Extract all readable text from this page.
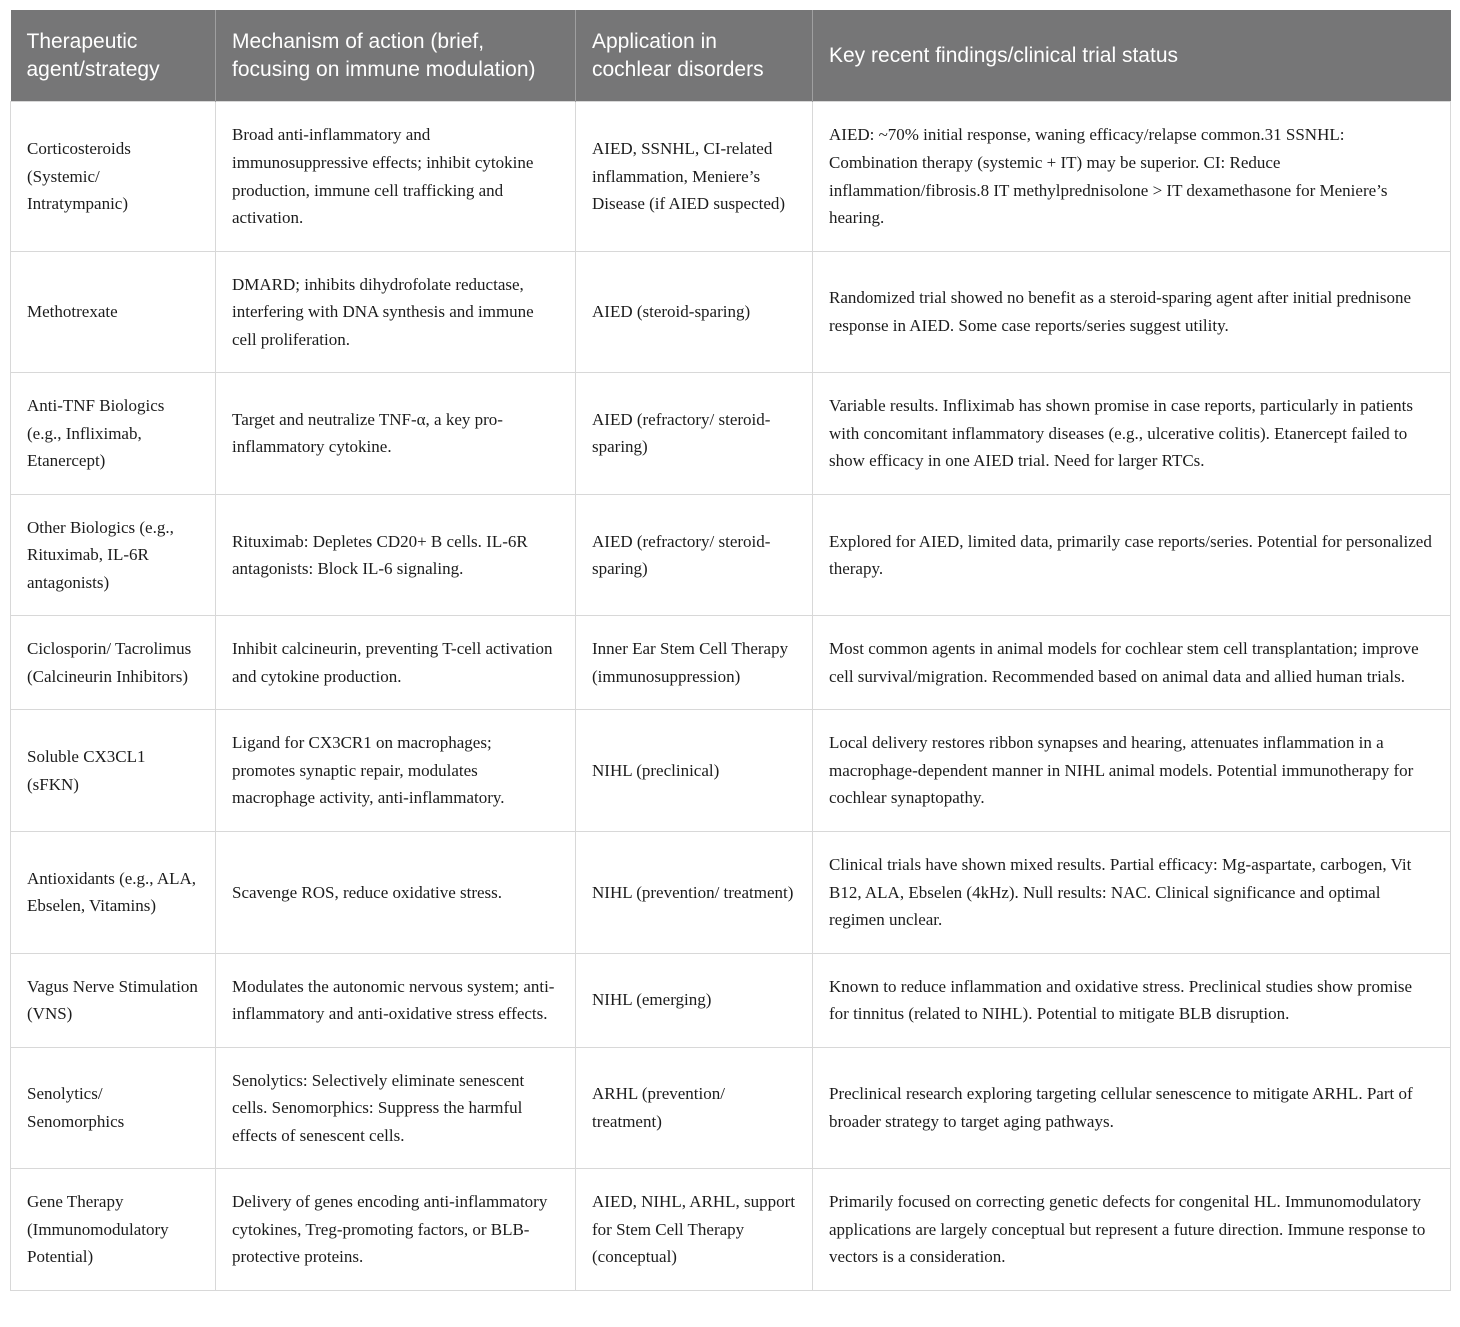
Therapeutic agent/strategy	Mechanism of action (brief, focusing on immune modulation)	Application in cochlear disorders	Key recent findings/clinical trial status
Corticosteroids (Systemic/ Intratympanic)	Broad anti-inflammatory and immunosuppressive effects; inhibit cytokine production, immune cell trafficking and activation.	AIED, SSNHL, CI-related inflammation, Meniere’s Disease (if AIED suspected)	AIED: ~70% initial response, waning efficacy/relapse common.31 SSNHL: Combination therapy (systemic + IT) may be superior. CI: Reduce inflammation/fibrosis.8 IT methylprednisolone > IT dexamethasone for Meniere’s hearing.
Methotrexate	DMARD; inhibits dihydrofolate reductase, interfering with DNA synthesis and immune cell proliferation.	AIED (steroid-sparing)	Randomized trial showed no benefit as a steroid-sparing agent after initial prednisone response in AIED. Some case reports/series suggest utility.
Anti-TNF Biologics (e.g., Infliximab, Etanercept)	Target and neutralize TNF-α, a key pro-inflammatory cytokine.	AIED (refractory/ steroid-sparing)	Variable results. Infliximab has shown promise in case reports, particularly in patients with concomitant inflammatory diseases (e.g., ulcerative colitis). Etanercept failed to show efficacy in one AIED trial. Need for larger RTCs.
Other Biologics (e.g., Rituximab, IL-6R antagonists)	Rituximab: Depletes CD20+ B cells. IL-6R antagonists: Block IL-6 signaling.	AIED (refractory/ steroid-sparing)	Explored for AIED, limited data, primarily case reports/series. Potential for personalized therapy.
Ciclosporin/ Tacrolimus (Calcineurin Inhibitors)	Inhibit calcineurin, preventing T-cell activation and cytokine production.	Inner Ear Stem Cell Therapy (immunosuppression)	Most common agents in animal models for cochlear stem cell transplantation; improve cell survival/migration. Recommended based on animal data and allied human trials.
Soluble CX3CL1 (sFKN)	Ligand for CX3CR1 on macrophages; promotes synaptic repair, modulates macrophage activity, anti-inflammatory.	NIHL (preclinical)	Local delivery restores ribbon synapses and hearing, attenuates inflammation in a macrophage-dependent manner in NIHL animal models. Potential immunotherapy for cochlear synaptopathy.
Antioxidants (e.g., ALA, Ebselen, Vitamins)	Scavenge ROS, reduce oxidative stress.	NIHL (prevention/ treatment)	Clinical trials have shown mixed results. Partial efficacy: Mg-aspartate, carbogen, Vit B12, ALA, Ebselen (4kHz). Null results: NAC. Clinical significance and optimal regimen unclear.
Vagus Nerve Stimulation (VNS)	Modulates the autonomic nervous system; anti-inflammatory and anti-oxidative stress effects.	NIHL (emerging)	Known to reduce inflammation and oxidative stress. Preclinical studies show promise for tinnitus (related to NIHL). Potential to mitigate BLB disruption.
Senolytics/ Senomorphics	Senolytics: Selectively eliminate senescent cells. Senomorphics: Suppress the harmful effects of senescent cells.	ARHL (prevention/ treatment)	Preclinical research exploring targeting cellular senescence to mitigate ARHL. Part of broader strategy to target aging pathways.
Gene Therapy (Immunomodulatory Potential)	Delivery of genes encoding anti-inflammatory cytokines, Treg-promoting factors, or BLB-protective proteins.	AIED, NIHL, ARHL, support for Stem Cell Therapy (conceptual)	Primarily focused on correcting genetic defects for congenital HL. Immunomodulatory applications are largely conceptual but represent a future direction. Immune response to vectors is a consideration.
